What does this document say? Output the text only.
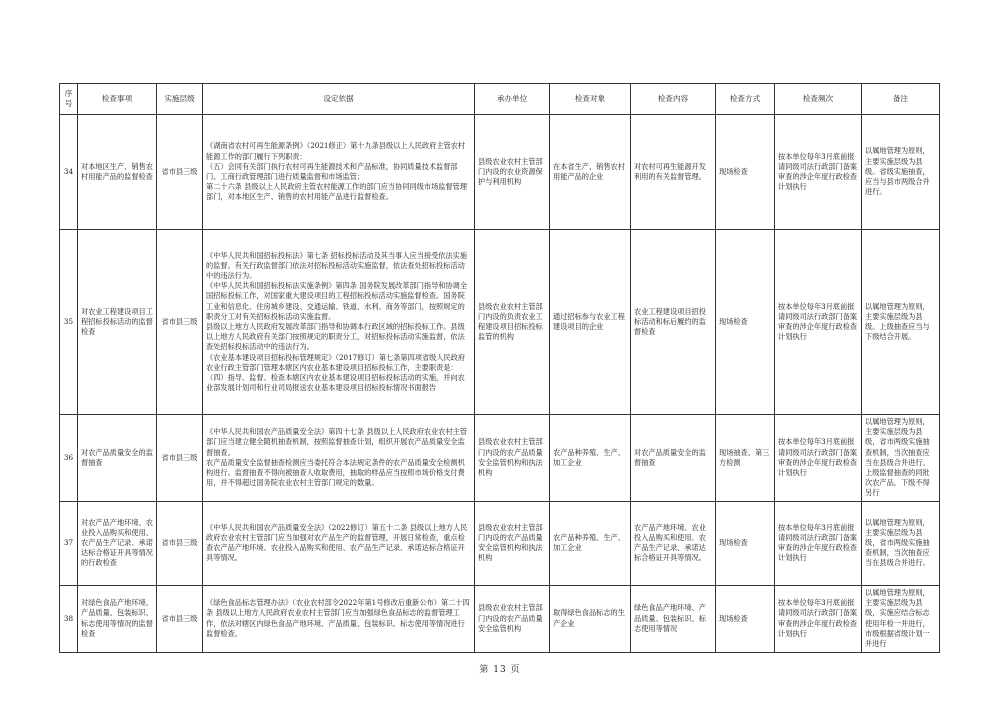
序号	检查事项	实施层级	设定依据	承办单位	检查对象	检查内容	检查方式	检查频次	备注
34	对本地区生产、销售农村用能产品的监督检查	省市县三级	《湖南省农村可再生能源条例》（2021修正）第十九条县级以上人民政府主管农村能源工作的部门履行下列职责：

（五）会同有关部门执行农村可再生能源技术和产品标准，协同质量技术监督部门、工商行政管理部门进行质量监督和市场监管；

第二十六条 县级以上人民政府主管农村能源工作的部门应当协同同级市场监督管理部门，对本地区生产、销售的农村用能产品进行监督检查。	县级农业农村主管部门内设的农业资源保护与利用机构	在本省生产、销售农村用能产品的企业	对农村可再生能源开发利用的有关监督管理。	现场检查	按本单位每年3月底前报请同级司法行政部门备案审查的涉企年度行政检查计划执行	以属地管理为原则，主要实施层级为县级。省级实施抽查，应当与县市两级合并进行。
35	对农业工程建设项目工程招标投标活动的监督检查	省市县三级	《中华人民共和国招标投标法》第七条 招标投标活动及其当事人应当接受依法实施的监督。有关行政监督部门依法对招标投标活动实施监督，依法查处招标投标活动中的违法行为。

《中华人民共和国招标投标法实施条例》第四条 国务院发展改革部门指导和协调全国招标投标工作，对国家重大建设项目的工程招标投标活动实施监督检查。国务院工业和信息化、住房城乡建设、交通运输、铁道、水利、商务等部门，按照规定的职责分工对有关招标投标活动实施监督。

县级以上地方人民政府发展改革部门指导和协调本行政区域的招标投标工作。县级以上地方人民政府有关部门按照规定的职责分工，对招标投标活动实施监督，依法查处招标投标活动中的违法行为。

《农业基本建设项目招标投标管理规定》（2017修订）第七条第四项省级人民政府农业行政主管部门管理本辖区内农业基本建设项目招标投标工作，主要职责是：

（四）指导、监督、检查本辖区内农业基本建设项目招标投标活动的实施，并向农业部发展计划司和行业司局报送农业基本建设项目招标投标情况书面报告	县级农业农村主管部门内设的负责农业工程建设项目招标投标监管的机构	通过招标参与农业工程建设项目的企业	农业工程建设项目招投标活动和标后履约的监督检查	现场检查	按本单位每年3月底前报请同级司法行政部门备案审查的涉企年度行政检查计划执行	以属地管理为原则，主要实施层级为县级。上级抽查应当与下级结合开展。
36	对农产品质量安全的监督抽查	省市县三级	《中华人民共和国农产品质量安全法》第四十七条 县级以上人民政府农业农村主管部门应当建立健全随机抽查机制，按照监督抽查计划，组织开展农产品质量安全监督抽查。

农产品质量安全监督抽查检测应当委托符合本法规定条件的农产品质量安全检测机构进行。监督抽查不得向被抽查人收取费用，抽取的样品应当按照市场价格支付费用，并不得超过国务院农业农村主管部门规定的数量。	县级农业农村主管部门内设的农产品质量安全监管机构和执法机构	农产品种养殖、生产、加工企业	对农产品质量安全的监督抽查	现场抽查、第三方检测	按本单位每年3月底前报请同级司法行政部门备案审查的涉企年度行政检查计划执行	以属地管理为原则，主要实施层级为县级，省市两级实施抽查机制，当次抽查应当在县级合并进行。上级监督抽查的同批次农产品，下级不得另行
37	对农产品产地环境、农业投入品购买和使用、农产品生产记录、承诺达标合格证开具等情况的行政检查	省市县三级	《中华人民共和国农产品质量安全法》（2022修订）第五十二条 县级以上地方人民政府农业农村主管部门应当加强对农产品生产的监督管理，开展日常检查，重点检查农产品产地环境、农业投入品购买和使用、农产品生产记录、承诺达标合格证开具等情况。	县级农业农村主管部门内设的农产品质量安全监管机构和执法机构	农产品种养殖、生产、加工企业	农产品产地环境、农业投入品购买和使用、农产品生产记录、承诺达标合格证开具等情况。	现场检查	按本单位每年3月底前报请同级司法行政部门备案审查的涉企年度行政检查计划执行	以属地管理为原则，主要实施层级为县级，省市两级实施抽查机制，当次抽查应当在县级合并进行。
38	对绿色食品产地环境、产品质量、包装标识、标志使用等情况的监督检查	省市县三级	《绿色食品标志管理办法》（农业农村部令2022年第1号修改后重新公布）第二十四条 县级以上地方人民政府农业农村主管部门应当加强绿色食品标志的监督管理工作，依法对辖区内绿色食品产地环境、产品质量、包装标识、标志使用等情况进行监督检查。	县级农业农村主管部门内设的农产品质量安全监管机构	取得绿色食品标志的生产企业	绿色食品产地环境、产品质量、包装标识、标志使用等情况	现场检查	按本单位每年3月底前报请同级司法行政部门备案审查的涉企年度行政检查计划执行	以属地管理为原则，主要实施层级为县级，实施应结合标志使用年检一并进行，市级根据省级计划一并进行
第 13 页
